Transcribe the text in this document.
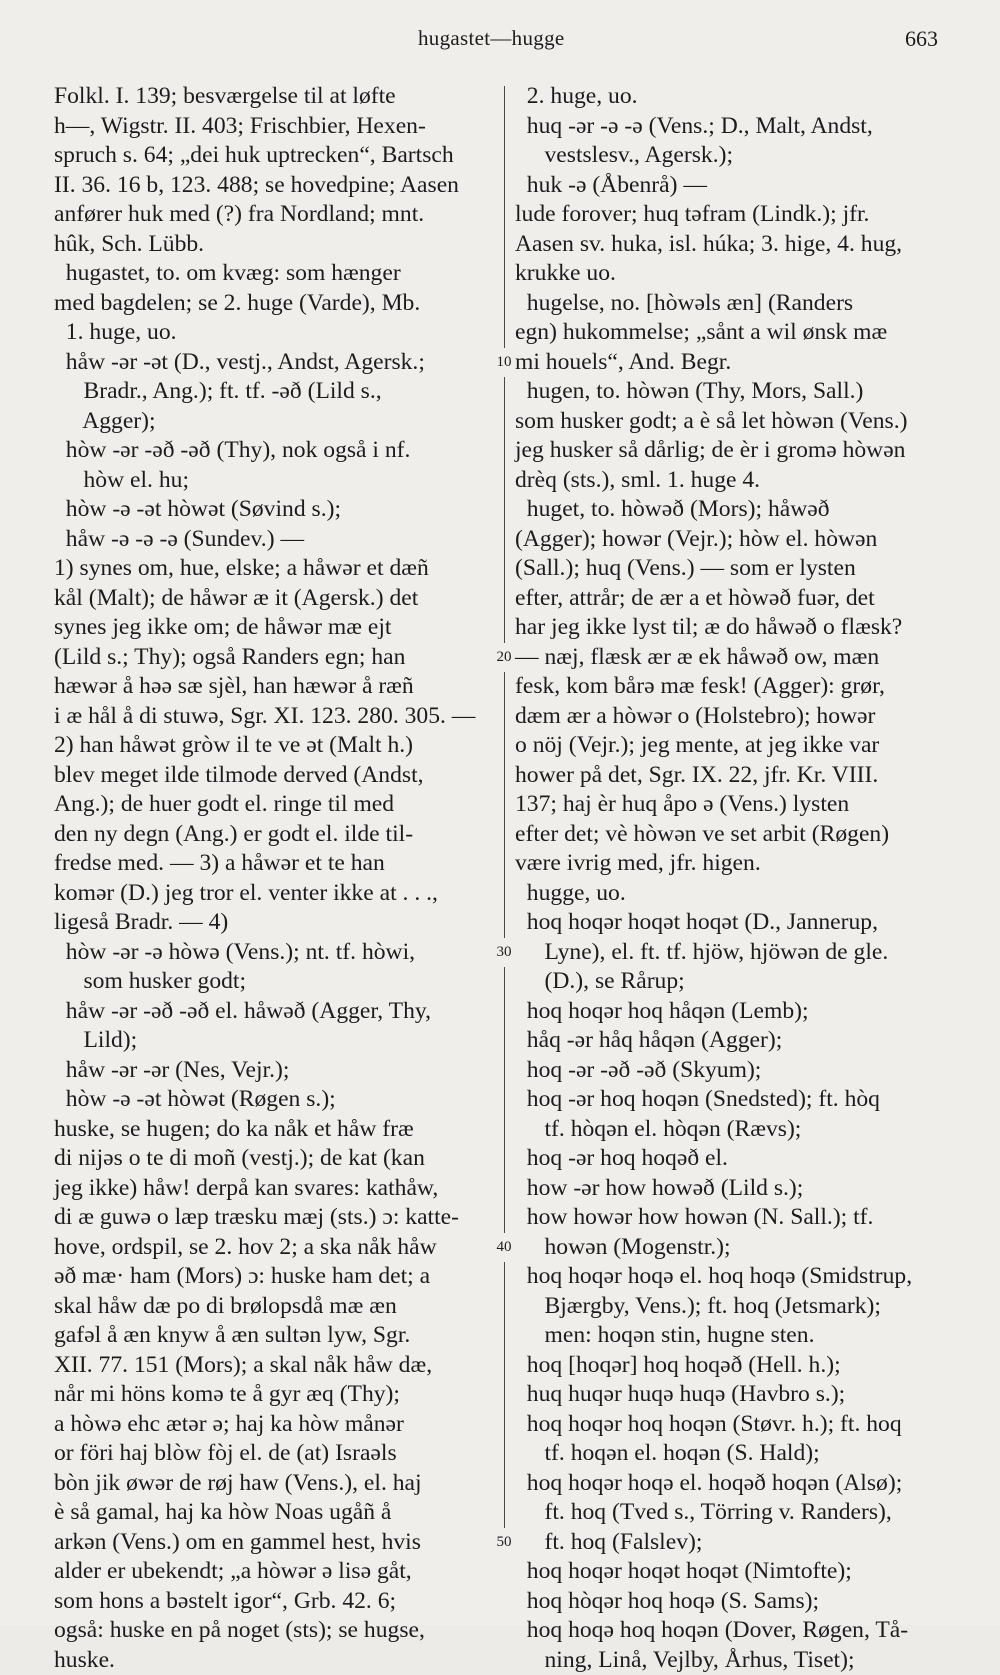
hugastet—hugge	663
Folkl. I. 139; besværgelse til at løfte
h—, Wigstr. II. 403; Frischbier, Hexen-
spruch s. 64; „dei huk uptrecken“, Bartsch
II. 36. 16 b, 123. 488; se hovedpine; Aasen
anfører huk med (?) fra Nordland; mnt.
hûk, Sch. Lübb.
hugastet, to. om kvæg: som hænger
med bagdelen; se 2. huge (Varde), Mb.
1. huge, uo.
håw -ər -ət (D., vestj., Andst, Agersk.;
Bradr., Ang.); ft. tf. -əð (Lild s.,
Agger);
hòw -ər -əð -əð (Thy), nok også i nf.
hòw el. hu;
hòw -ə -ət hòwət (Søvind s.);
håw -ə -ə -ə (Sundev.) —
1) synes om, hue, elske; a håwər et dæñ
kål (Malt); de håwər æ it (Agersk.) det
synes jeg ikke om; de håwər mæ ejt
(Lild s.; Thy); også Randers egn; han
hæwər å həə sæ sjèl, han hæwər å ræñ
i æ hål å di stuwə, Sgr. XI. 123. 280. 305. —
2) han håwət gròw il te ve ət (Malt h.)
blev meget ilde tilmode derved (Andst,
Ang.); de huer godt el. ringe til med
den ny degn (Ang.) er godt el. ilde til-
fredse med. — 3) a håwər et te han
komər (D.) jeg tror el. venter ikke at . . .,
ligeså Bradr. — 4)
hòw -ər -ə hòwə (Vens.); nt. tf. hòwi,
som husker godt;
håw -ər -əð -əð el. håwəð (Agger, Thy,
Lild);
håw -ər -ər (Nes, Vejr.);
hòw -ə -ət hòwət (Røgen s.);
huske, se hugen; do ka nåk et håw fræ
di nijəs o te di moñ (vestj.); de kat (kan
jeg ikke) håw! derpå kan svares: kathåw,
di æ guwə o læp træsku mæj (sts.) ɔ: katte-
hove, ordspil, se 2. hov 2; a ska nåk håw
əð mæ· ham (Mors) ɔ: huske ham det; a
skal håw dæ po di brølopsdå mæ æn
gafəl å æn knyw å æn sultən lyw, Sgr.
XII. 77. 151 (Mors); a skal nåk håw dæ,
når mi höns komə te å gyr æq (Thy);
a hòwə ehc ætər ə; haj ka hòw månər
or föri haj blòw fòj el. de (at) Israəls
bòn jik øwər de røj haw (Vens.), el. haj
è så gamal, haj ka hòw Noas ugåñ å
arkən (Vens.) om en gammel hest, hvis
alder er ubekendt; „a hòwər ə lisə gåt,
som hons a bəstelt igor“, Grb. 42. 6;
også: huske en på noget (sts); se hugse,
huske.
10
20
30
40
50
2. huge, uo.
huq -ər -ə -ə (Vens.; D., Malt, Andst,
vestslesv., Agersk.);
huk -ə (Åbenrå) —
lude forover; huq təfram (Lindk.); jfr.
Aasen sv. huka, isl. húka; 3. hige, 4. hug,
krukke uo.
hugelse, no. [hòwəls æn] (Randers
egn) hukommelse; „sånt a wil ønsk mæ
mi houels“, And. Begr.
hugen, to. hòwən (Thy, Mors, Sall.)
som husker godt; a è så let hòwən (Vens.)
jeg husker så dårlig; de èr i gromə hòwən
drèq (sts.), sml. 1. huge 4.
huget, to. hòwəð (Mors); håwəð
(Agger); howər (Vejr.); hòw el. hòwən
(Sall.); huq (Vens.) — som er lysten
efter, attrår; de ær a et hòwəð fuər, det
har jeg ikke lyst til; æ do håwəð o flæsk?
— næj, flæsk ær æ ek håwəð ow, mæn
fesk, kom bårə mæ fesk! (Agger): grør,
dæm ær a hòwər o (Holstebro); howər
o nöj (Vejr.); jeg mente, at jeg ikke var
hower på det, Sgr. IX. 22, jfr. Kr. VIII.
137; haj èr huq åpo ə (Vens.) lysten
efter det; vè hòwən ve set arbit (Røgen)
være ivrig med, jfr. higen.
hugge, uo.
hoq hoqər hoqət hoqət (D., Jannerup,
Lyne), el. ft. tf. hjöw, hjöwən de gle.
(D.), se Rårup;
hoq hoqər hoq håqən (Lemb);
håq -ər håq håqən (Agger);
hoq -ər -əð -əð (Skyum);
hoq -ər hoq hoqən (Snedsted); ft. hòq
tf. hòqən el. hòqən (Rævs);
hoq -ər hoq hoqəð el.
how -ər how howəð (Lild s.);
how howər how howən (N. Sall.); tf.
howən (Mogenstr.);
hoq hoqər hoqə el. hoq hoqə (Smidstrup,
Bjærgby, Vens.); ft. hoq (Jetsmark);
men: hoqən stin, hugne sten.
hoq [hoqər] hoq hoqəð (Hell. h.);
huq huqər huqə huqə (Havbro s.);
hoq hoqər hoq hoqən (Støvr. h.); ft. hoq
tf. hoqən el. hoqən (S. Hald);
hoq hoqər hoqə el. hoqəð hoqən (Alsø);
ft. hoq (Tved s., Törring v. Randers),
ft. hoq (Falslev);
hoq hoqər hoqət hoqət (Nimtofte);
hoq hòqər hoq hoqə (S. Sams);
hoq hoqə hoq hoqən (Dover, Røgen, Tå-
ning, Linå, Vejlby, Århus, Tiset);
